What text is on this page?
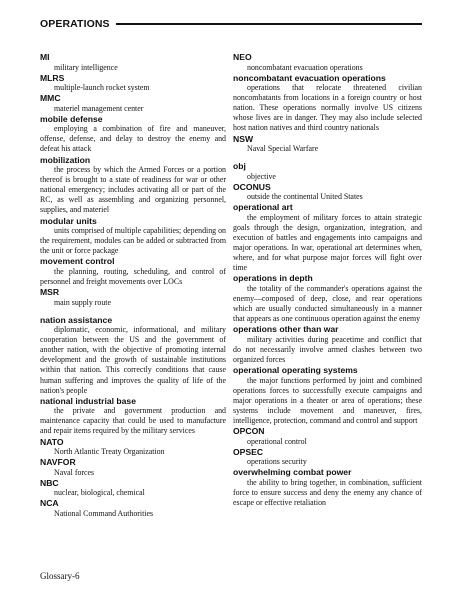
OPERATIONS
MI
military intelligence
MLRS
multiple-launch rocket system
MMC
materiel management center
mobile defense
employing a combination of fire and maneuver, offense, defense, and delay to destroy the enemy and defeat his attack
mobilization
the process by which the Armed Forces or a portion thereof is brought to a state of readiness for war or other national emergency; includes activating all or part of the RC, as well as assembling and organizing personnel, supplies, and materiel
modular units
units comprised of multiple capabilities; depending on the requirement, modules can be added or subtracted from the unit or force package
movement control
the planning, routing, scheduling, and control of personnel and freight movements over LOCs
MSR
main supply route
nation assistance
diplomatic, economic, informational, and military cooperation between the US and the government of another nation, with the objective of promoting internal development and the growth of sustainable institutions within that nation. This correctly conditions that cause human suffering and improves the quality of life of the nation's people
national industrial base
the private and government production and maintenance capacity that could be used to manufacture and repair items required by the military services
NATO
North Atlantic Treaty Organization
NAVFOR
Naval forces
NBC
nuclear, biological, chemical
NCA
National Command Authorities
NEO
noncombatant evacuation operations
noncombatant evacuation operations
operations that relocate threatened civilian noncombatants from locations in a foreign country or host nation. These operations normally involve US citizens whose lives are in danger. They may also include selected host nation natives and third country nationals
NSW
Naval Special Warfare
obj
objective
OCONUS
outside the continental United States
operational art
the employment of military forces to attain strategic goals through the design, organization, integration, and execution of battles and engagements into campaigns and major operations. In war, operational art determines when, where, and for what purpose major forces will fight over time
operations in depth
the totality of the commander's operations against the enemy—composed of deep, close, and rear operations which are usually conducted simultaneously in a manner that appears as one continuous operation against the enemy
operations other than war
military activities during peacetime and conflict that do not necessarily involve armed clashes between two organized forces
operational operating systems
the major functions performed by joint and combined operations forces to successfully execute campaigns and major operations in a theater or area of operations; these systems include movement and maneuver, fires, intelligence, protection, command and control and support
OPCON
operational control
OPSEC
operations security
overwhelming combat power
the ability to bring together, in combination, sufficient force to ensure success and deny the enemy any chance of escape or effective retaliation
Glossary-6
